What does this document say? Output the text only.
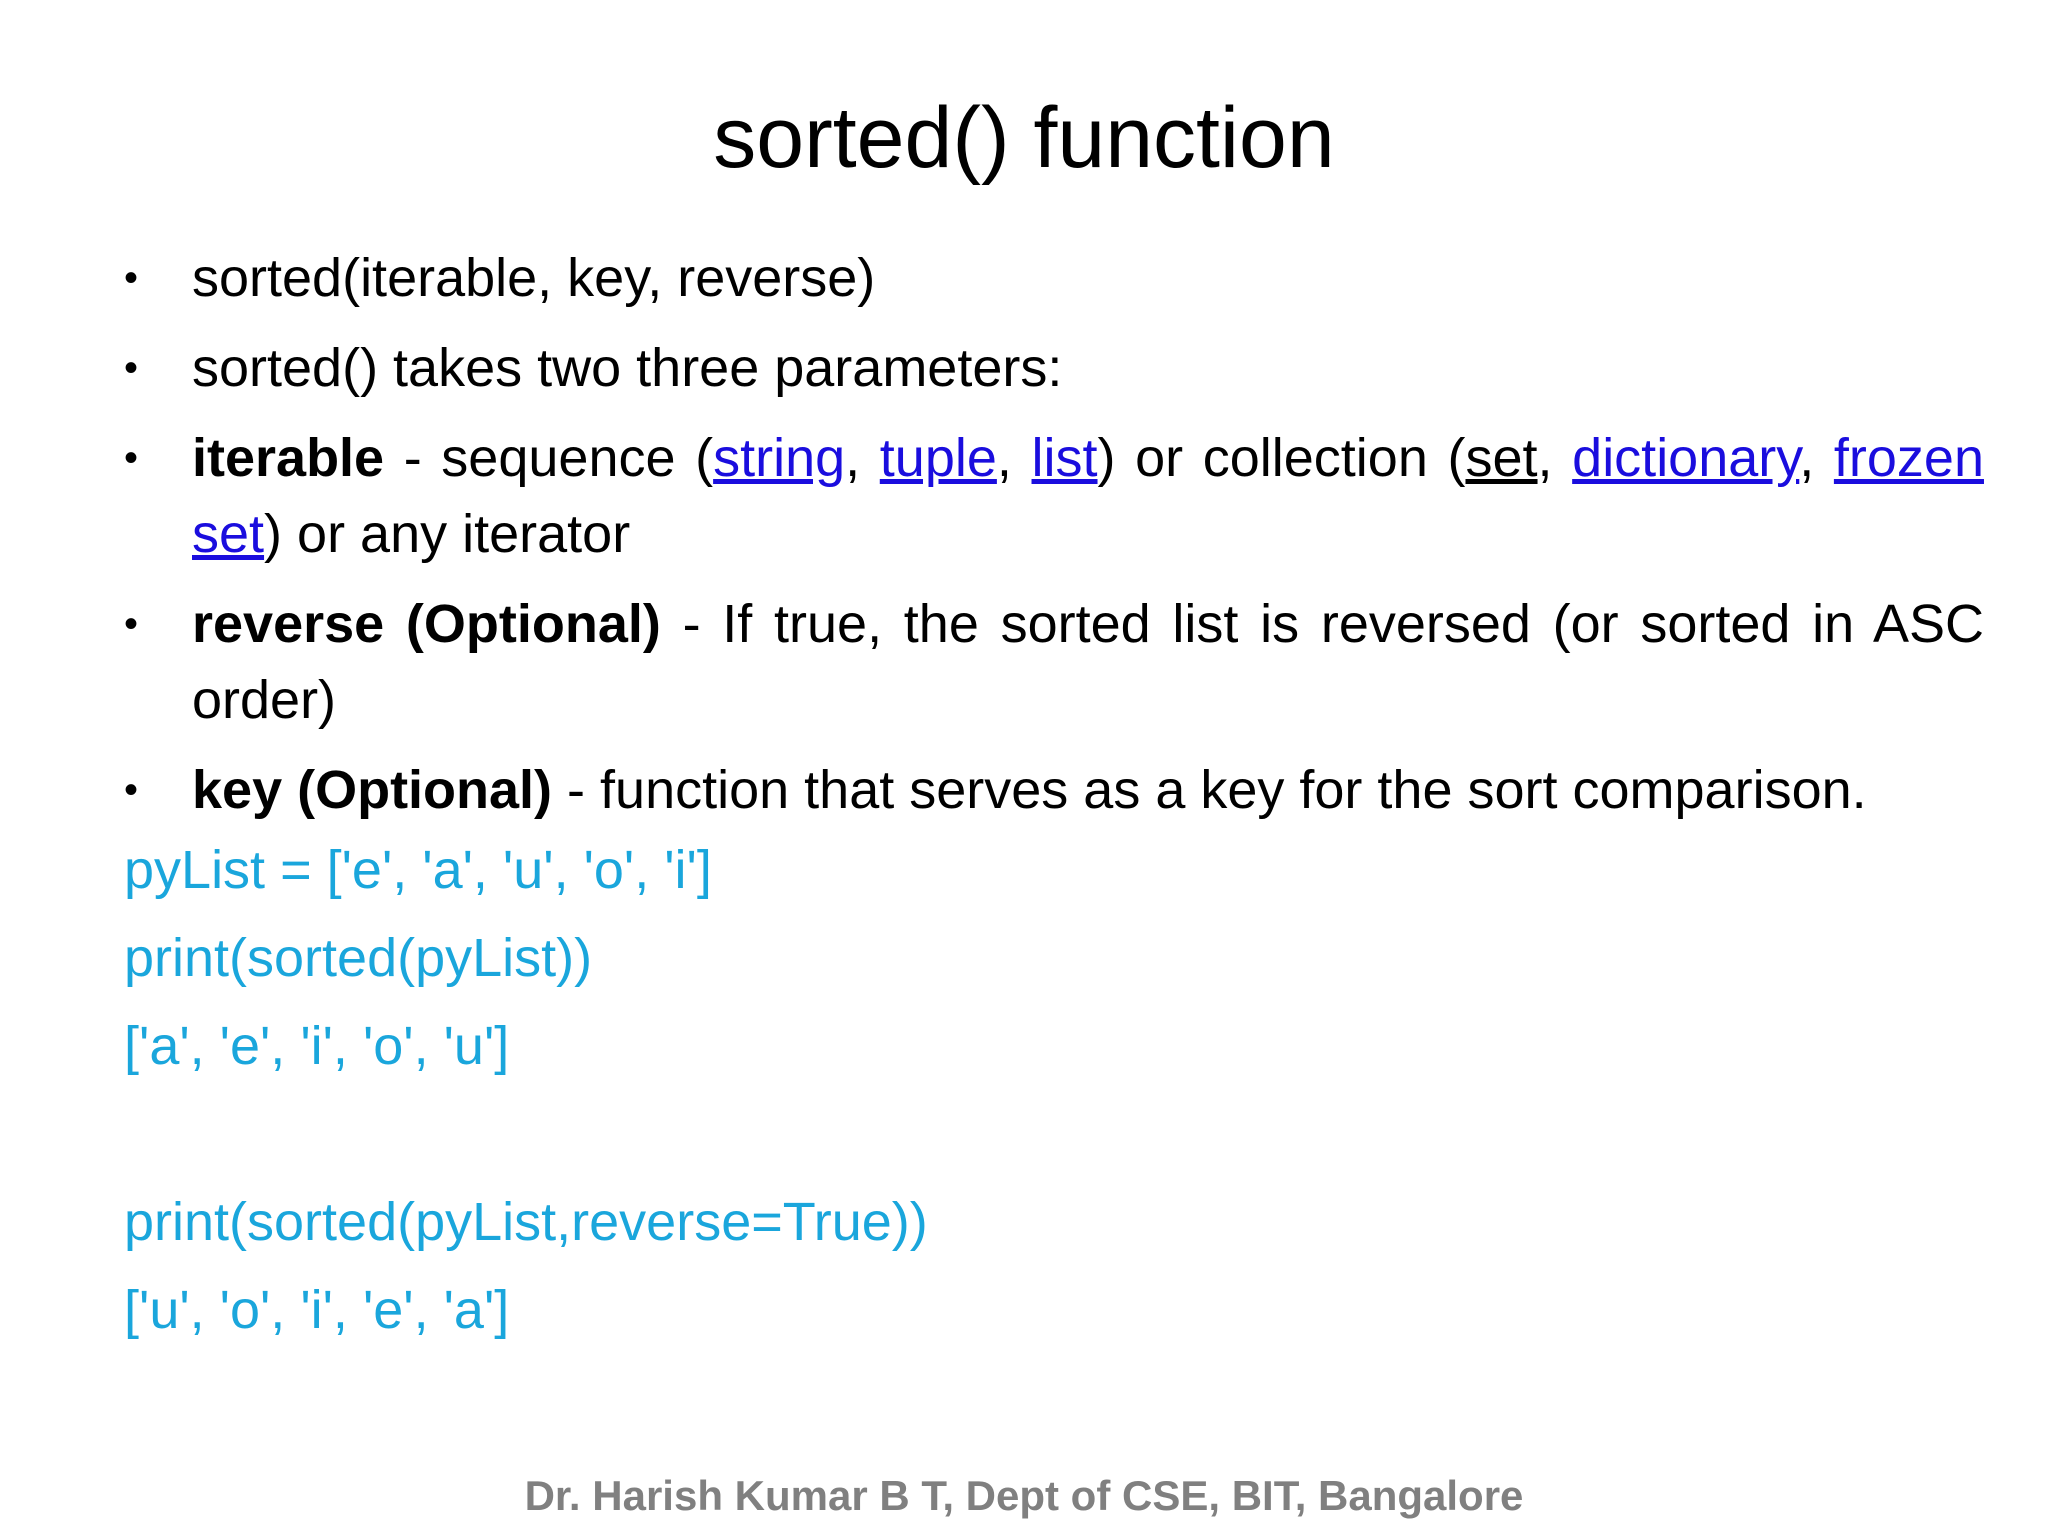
sorted() function
• sorted(iterable, key, reverse)
• sorted() takes two three parameters:
• iterable - sequence (string, tuple, list) or collection (set, dictionary, frozen set) or any iterator
• reverse (Optional) - If true, the sorted list is reversed (or sorted in ASC order)
• key (Optional) - function that serves as a key for the sort comparison.
pyList = ['e', 'a', 'u', 'o', 'i']
print(sorted(pyList))
['a', 'e', 'i', 'o', 'u']
print(sorted(pyList,reverse=True))
['u', 'o', 'i', 'e', 'a']
Dr. Harish Kumar B T, Dept of CSE, BIT, Bangalore
